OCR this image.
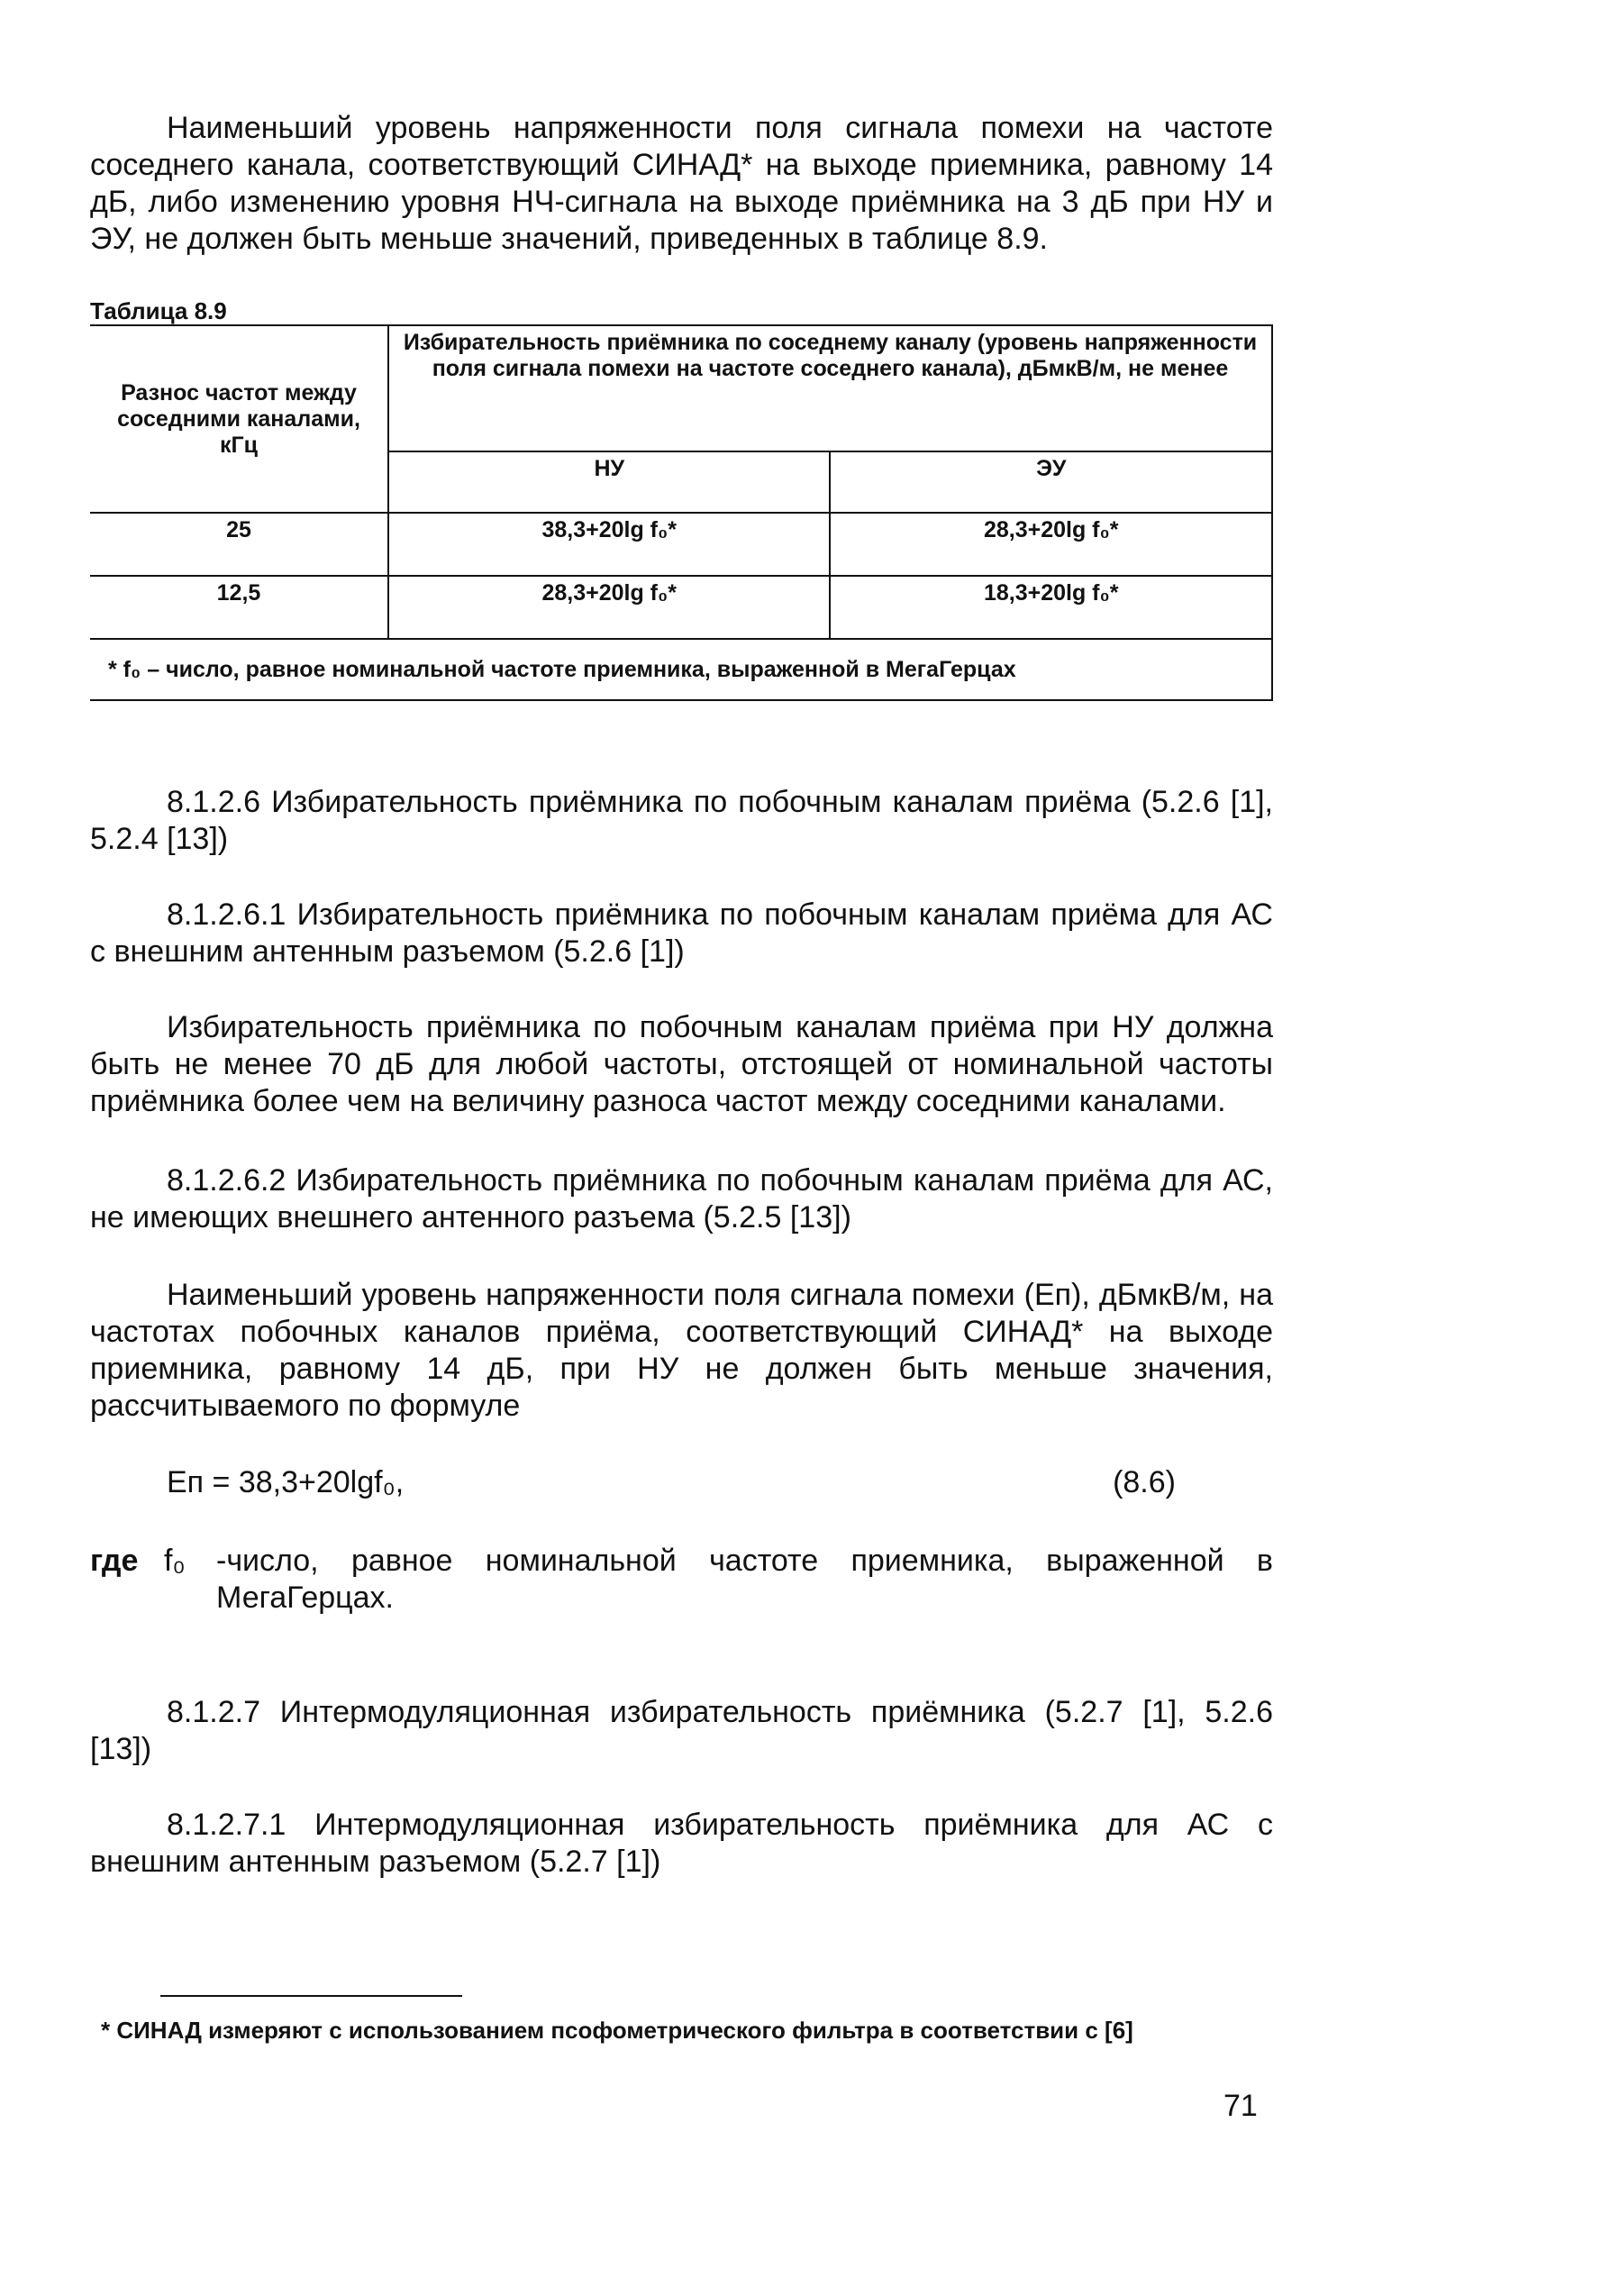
Наименьший уровень напряженности поля сигнала помехи на частоте соседнего канала, соответствующий СИНАД* на выходе приемника, равному 14 дБ, либо изменению уровня НЧ-сигнала на выходе приёмника на 3 дБ при НУ и ЭУ, не должен быть меньше значений, приведенных в таблице 8.9.

Таблица 8.9

Разнос частот между соседними каналами, кГц	Избирательность приёмника по соседнему каналу (уровень напряженности поля сигнала помехи на частоте соседнего канала), дБмкВ/м, не менее	
	НУ	ЭУ
25	38,3+20lg f₀*	28,3+20lg f₀*
12,5	28,3+20lg f₀*	18,3+20lg f₀*
* f₀ – число, равное номинальной частоте приемника, выраженной в МегаГерцах		

8.1.2.6 Избирательность приёмника по побочным каналам приёма (5.2.6 [1], 5.2.4 [13])

8.1.2.6.1 Избирательность приёмника по побочным каналам приёма для АС с внешним антенным разъемом (5.2.6 [1])

Избирательность приёмника по побочным каналам приёма при НУ должна быть не менее 70 дБ для любой частоты, отстоящей от номинальной частоты приёмника более чем на величину разноса частот между соседними каналами.

8.1.2.6.2 Избирательность приёмника по побочным каналам приёма для АС, не имеющих внешнего антенного разъема (5.2.5 [13])

Наименьший уровень напряженности поля сигнала помехи (Eп), дБмкВ/м, на частотах побочных каналов приёма, соответствующий СИНАД* на выходе приемника, равному 14 дБ, при НУ не должен быть меньше значения, рассчитываемого по формуле

Eп = 38,3+20lgf₀,	(8.6)
где f₀ -число, равное номинальной частоте приемника, выраженной в МегаГерцах.

8.1.2.7 Интермодуляционная избирательность приёмника (5.2.7 [1], 5.2.6 [13])

8.1.2.7.1 Интермодуляционная избирательность приёмника для АС с внешним антенным разъемом (5.2.7 [1])

* СИНАД измеряют с использованием псофометрического фильтра в соответствии с [6]

71
